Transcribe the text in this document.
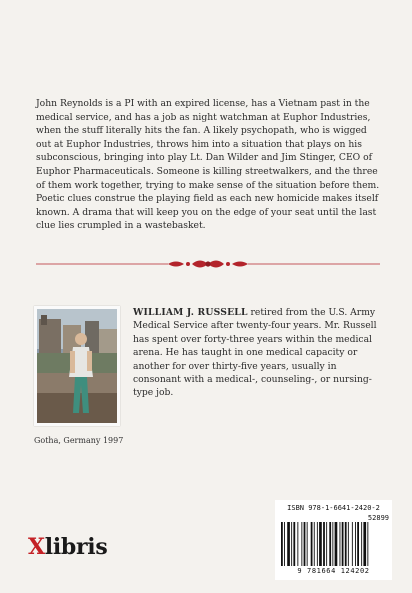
John Reynolds is a PI with an expired license, has a Vietnam past in the medical service, and has a job as night watchman at Euphor Industries, when the stuff literally hits the fan. A likely psychopath, who is wigged out at Euphor Industries, throws him into a situation that plays on his subconscious, bringing into play Lt. Dan Wilder and Jim Stinger, CEO of Euphor Pharmaceuticals. Someone is killing streetwalkers, and the three of them work together, trying to make sense of the situation before them. Poetic clues construe the playing field as each new homicide makes itself known. A drama that will keep you on the edge of your seat until the last clue lies crumpled in a wastebasket.

Gotha, Germany 1997

WILLIAM J. RUSSELL retired from the U.S. Army Medical Service after twenty-four years. Mr. Russell has spent over forty-three years within the medical arena. He has taught in one medical capacity or another for over thirty-five years, usually in consonant with a medical-, counseling-, or nursing-type job.

Xlibris
ISBN 978-1-6641-2420-2
52899
9 781664 124202
